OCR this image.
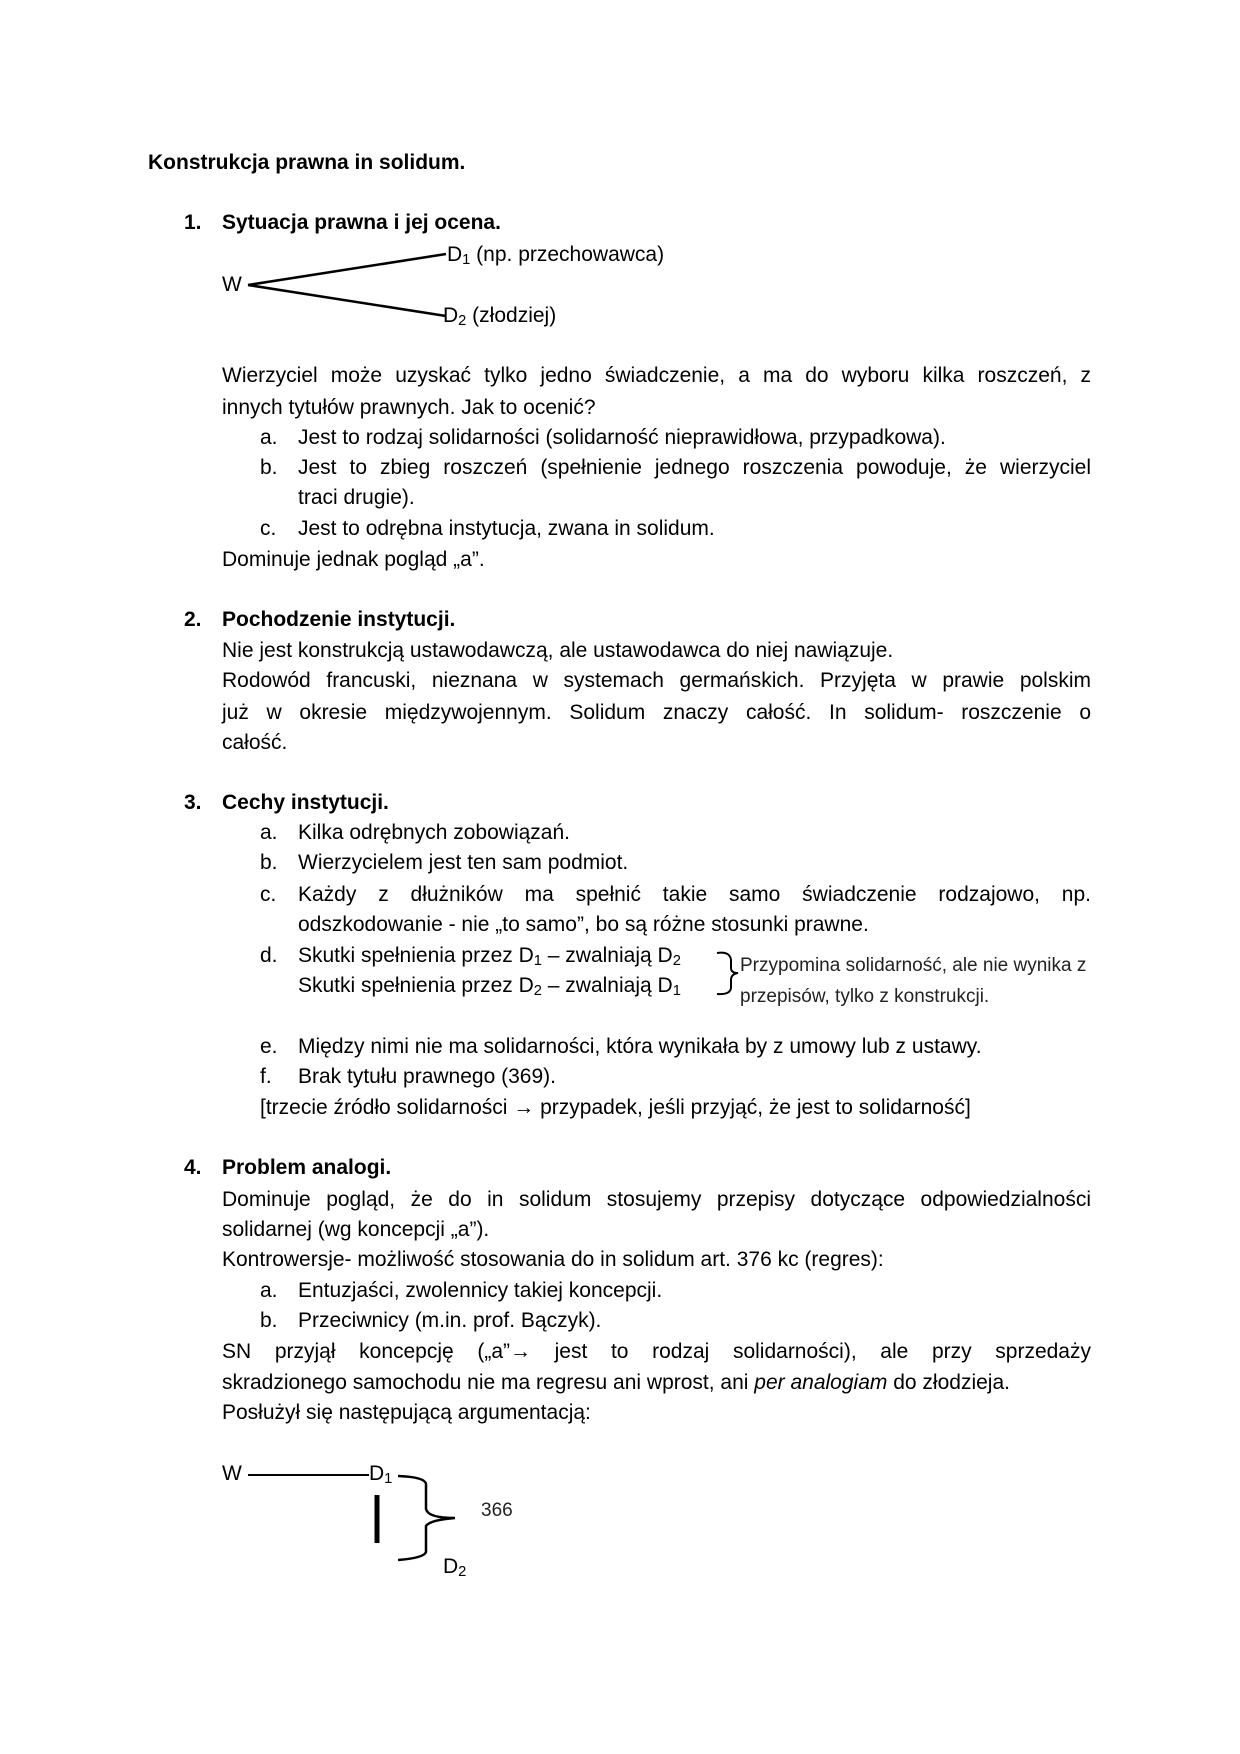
Konstrukcja prawna in solidum.
1. Sytuacja prawna i jej ocena.
$D_1$ (np. przechowawca)
W
$D_2$ (złodziej)
Wierzyciel może uzyskać tylko jedno świadczenie, a ma do wyboru kilka roszczeń, z
innych tytułów prawnych. Jak to ocenić?
a. Jest to rodzaj solidarności (solidarność nieprawidłowa, przypadkowa).
b. Jest to zbieg roszczeń (spełnienie jednego roszczenia powoduje, że wierzyciel
traci drugie).
c. Jest to odrębna instytucja, zwana in solidum.
Dominuje jednak pogląd „a”.
2. Pochodzenie instytucji.
Nie jest konstrukcją ustawodawczą, ale ustawodawca do niej nawiązuje.
Rodowód francuski, nieznana w systemach germańskich. Przyjęta w prawie polskim
już w okresie międzywojennym. Solidum znaczy całość. In solidum- roszczenie o
całość.
3. Cechy instytucji.
a. Kilka odrębnych zobowiązań.
b. Wierzycielem jest ten sam podmiot.
c. Każdy z dłużników ma spełnić takie samo świadczenie rodzajowo, np.
odszkodowanie - nie „to samo”, bo są różne stosunki prawne.
d. Skutki spełnienia przez $D_1$ – zwalniają $D_2$
Skutki spełnienia przez $D_2$ – zwalniają $D_1$
Przypomina solidarność, ale nie wynika z
przepisów, tylko z konstrukcji.
e. Między nimi nie ma solidarności, która wynikała by z umowy lub z ustawy.
f. Brak tytułu prawnego (369).
[trzecie źródło solidarności → przypadek, jeśli przyjąć, że jest to solidarność]
4. Problem analogi.
Dominuje pogląd, że do in solidum stosujemy przepisy dotyczące odpowiedzialności
solidarnej (wg koncepcji „a”).
Kontrowersje- możliwość stosowania do in solidum art. 376 kc (regres):
a. Entuzjaści, zwolennicy takiej koncepcji.
b. Przeciwnicy (m.in. prof. Bączyk).
SN przyjął koncepcję („a”→ jest to rodzaj solidarności), ale przy sprzedaży
skradzionego samochodu nie ma regresu ani wprost, ani per analogiam do złodzieja.
Posłużył się następującą argumentacją:
W	$D_1$
$D_2$
366
